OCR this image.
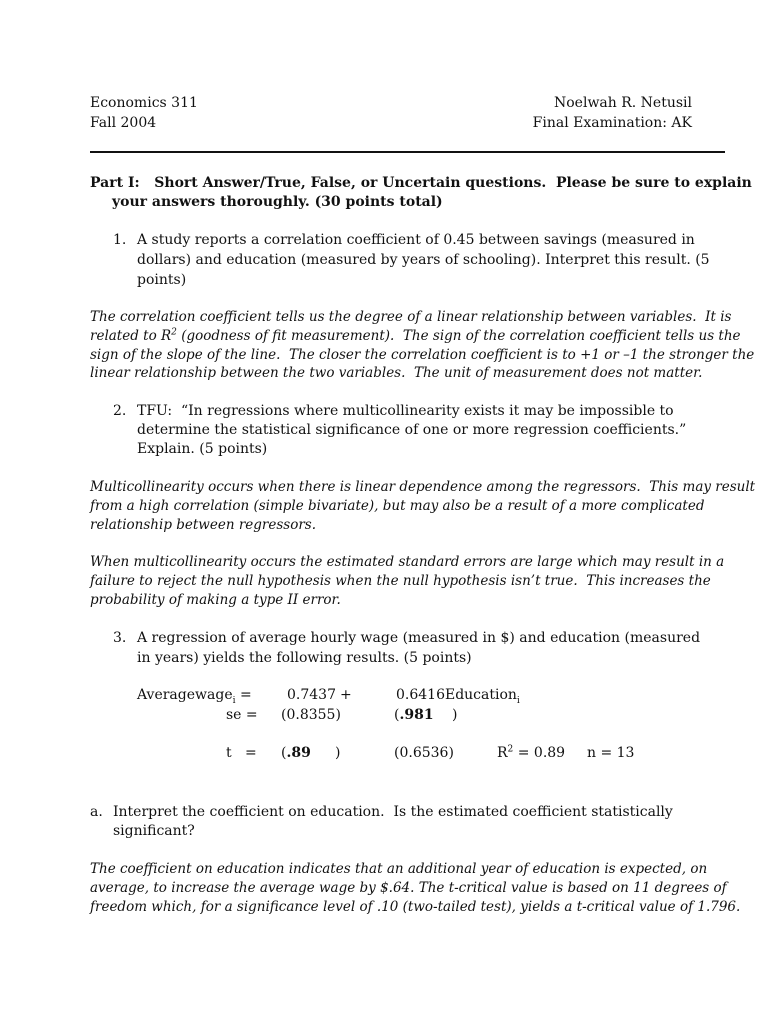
Economics 311
Fall 2004
Noelwah R. Netusil
Final Examination: AK
Part I:   Short Answer/True, False, or Uncertain questions.  Please be sure to explain
your answers thoroughly. (30 points total)
1. A study reports a correlation coefficient of 0.45 between savings (measured in
dollars) and education (measured by years of schooling). Interpret this result. (5
points)
The correlation coefficient tells us the degree of a linear relationship between variables.  It is
related to $R^2$ (goodness of fit measurement).  The sign of the correlation coefficient tells us the
sign of the slope of the line.  The closer the correlation coefficient is to +1 or –1 the stronger the
linear relationship between the two variables.  The unit of measurement does not matter.
2. TFU:  “In regressions where multicollinearity exists it may be impossible to
determine the statistical significance of one or more regression coefficients.”
Explain. (5 points)
Multicollinearity occurs when there is linear dependence among the regressors.  This may result
from a high correlation (simple bivariate), but may also be a result of a more complicated
relationship between regressors.
When multicollinearity occurs the estimated standard errors are large which may result in a
failure to reject the null hypothesis when the null hypothesis isn’t true.  This increases the
probability of making a type II error.
3. A regression of average hourly wage (measured in $) and education (measured
in years) yields the following results. (5 points)
Averagewage$_i$ =	0.7437 +	0.6416Education$_i$
se = (0.8355)	(.981 )
t   = (.89 )	(0.6536)	$R^2 = 0.89$ n = 13
a. Interpret the coefficient on education.  Is the estimated coefficient statistically
significant?
The coefficient on education indicates that an additional year of education is expected, on
average, to increase the average wage by $.64. The t-critical value is based on 11 degrees of
freedom which, for a significance level of .10 (two-tailed test), yields a t-critical value of 1.796.
